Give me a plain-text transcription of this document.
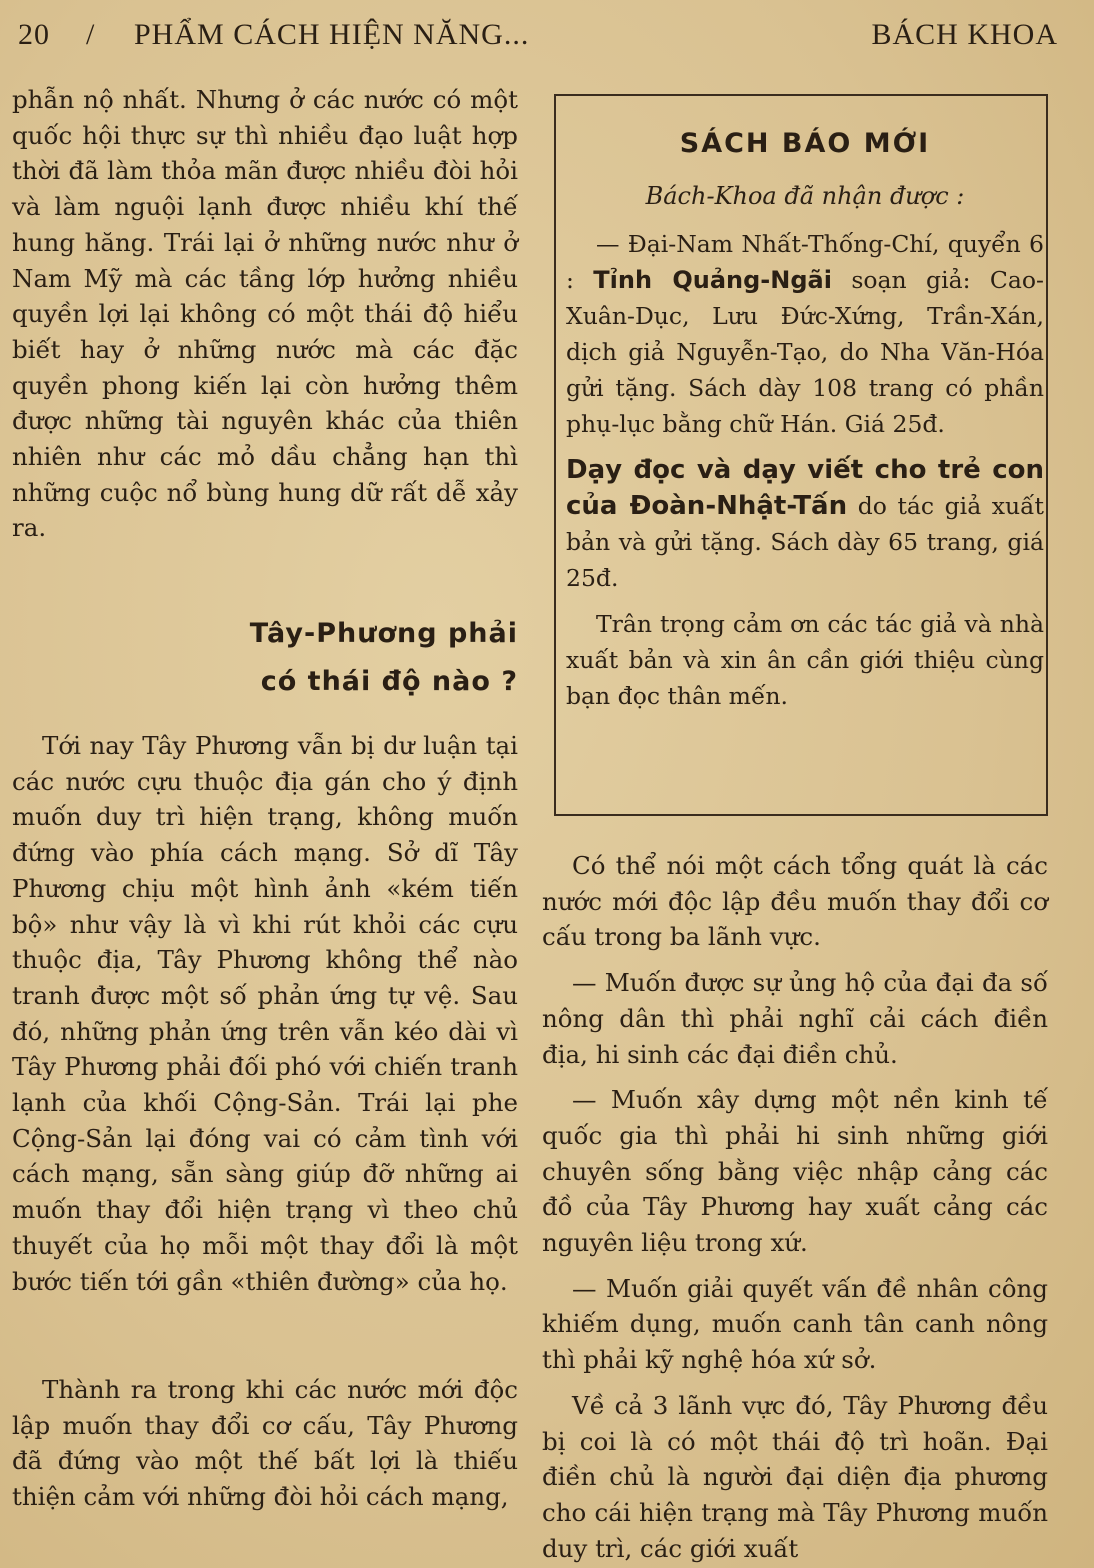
20 / PHẨM CÁCH HIỆN NĂNG...	BÁCH KHOA

phẫn nộ nhất. Nhưng ở các nước có một quốc hội thực sự thì nhiều đạo luật hợp thời đã làm thỏa mãn được nhiều đòi hỏi và làm nguội lạnh được nhiều khí thế hung hăng. Trái lại ở những nước như ở Nam Mỹ mà các tầng lớp hưởng nhiều quyền lợi lại không có một thái độ hiểu biết hay ở những nước mà các đặc quyền phong kiến lại còn hưởng thêm được những tài nguyên khác của thiên nhiên như các mỏ dầu chẳng hạn thì những cuộc nổ bùng hung dữ rất dễ xảy ra.

Tây-Phương phải
có thái độ nào ?

Tới nay Tây Phương vẫn bị dư luận tại các nước cựu thuộc địa gán cho ý định muốn duy trì hiện trạng, không muốn đứng vào phía cách mạng. Sở dĩ Tây Phương chịu một hình ảnh «kém tiến bộ» như vậy là vì khi rút khỏi các cựu thuộc địa, Tây Phương không thể nào tranh được một số phản ứng tự vệ. Sau đó, những phản ứng trên vẫn kéo dài vì Tây Phương phải đối phó với chiến tranh lạnh của khối Cộng-Sản. Trái lại phe Cộng-Sản lại đóng vai có cảm tình với cách mạng, sẵn sàng giúp đỡ những ai muốn thay đổi hiện trạng vì theo chủ thuyết của họ mỗi một thay đổi là một bước tiến tới gần «thiên đường» của họ.

Thành ra trong khi các nước mới độc lập muốn thay đổi cơ cấu, Tây Phương đã đứng vào một thế bất lợi là thiếu thiện cảm với những đòi hỏi cách mạng,

SÁCH BÁO MỚI
Bách-Khoa đã nhận được :

— Đại-Nam Nhất-Thống-Chí, quyển 6 : Tỉnh Quảng-Ngãi soạn giả: Cao-Xuân-Dục, Lưu Đức-Xứng, Trần-Xán, dịch giả Nguyễn-Tạo, do Nha Văn-Hóa gửi tặng. Sách dày 108 trang có phần phụ-lục bằng chữ Hán. Giá 25đ.

Dạy đọc và dạy viết cho trẻ con của Đoàn-Nhật-Tấn do tác giả xuất bản và gửi tặng. Sách dày 65 trang, giá 25đ.

Trân trọng cảm ơn các tác giả và nhà xuất bản và xin ân cần giới thiệu cùng bạn đọc thân mến.

Có thể nói một cách tổng quát là các nước mới độc lập đều muốn thay đổi cơ cấu trong ba lãnh vực.

— Muốn được sự ủng hộ của đại đa số nông dân thì phải nghĩ cải cách điền địa, hi sinh các đại điền chủ.

— Muốn xây dựng một nền kinh tế quốc gia thì phải hi sinh những giới chuyên sống bằng việc nhập cảng các đồ của Tây Phương hay xuất cảng các nguyên liệu trong xứ.

— Muốn giải quyết vấn đề nhân công khiếm dụng, muốn canh tân canh nông thì phải kỹ nghệ hóa xứ sở.

Về cả 3 lãnh vực đó, Tây Phương đều bị coi là có một thái độ trì hoãn. Đại điền chủ là người đại diện địa phương cho cái hiện trạng mà Tây Phương muốn duy trì, các giới xuất
